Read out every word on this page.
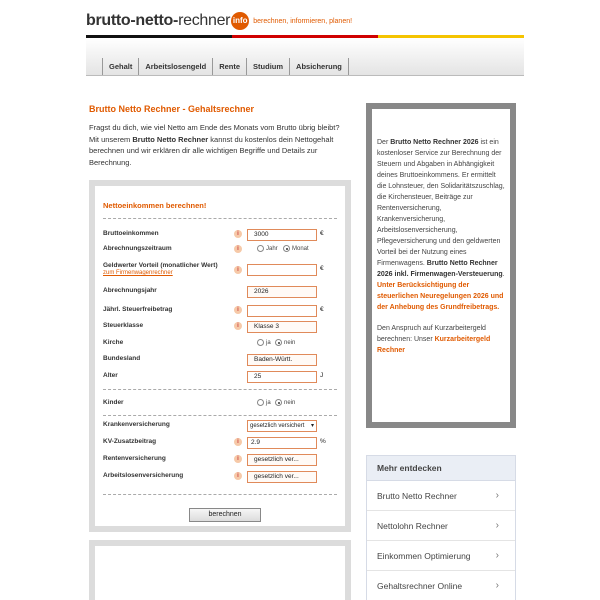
brutto-netto-rechner info berechnen, informieren, planen!
Gehalt	Arbeitslosengeld	Rente	Studium	Absicherung
Brutto Netto Rechner - Gehaltsrechner

Fragst du dich, wie viel Netto am Ende des Monats vom Brutto übrig bleibt? Mit unserem Brutto Netto Rechner kannst du kostenlos dein Nettogehalt berechnen und wir erklären dir alle wichtigen Begriffe und Details zur Berechnung.

Nettoeinkommen berechnen!
Bruttoeinkommen	i	3000	€
Abrechnungszeitraum	i	Jahr Monat
Geldwerter Vorteil (monatlicher Wert)
zum Firmenwagenrechner	i	€
Abrechnungsjahr	2026
Jährl. Steuerfreibetrag	i	€
Steuerklasse	i	Klasse 3
Kirche	ja nein
Bundesland	Baden-Württ.
Alter	25	J
Kinder	ja nein
Krankenversicherung	gesetzlich versichert ▾
KV-Zusatzbeitrag	i	2.9	%
Rentenversicherung	i	gesetzlich ver...
Arbeitslosenversicherung	i	gesetzlich ver...
berechnen

Der Brutto Netto Rechner 2026 ist ein kostenloser Service zur Berechnung der Steuern und Abgaben in Abhängigkeit deines Bruttoeinkommens. Er ermittelt die Lohnsteuer, den Solidaritätszuschlag, die Kirchensteuer, Beiträge zur Rentenversicherung, Krankenversicherung, Arbeitslosenversicherung, Pflegeversicherung und den geldwerten Vorteil bei der Nutzung eines Firmenwagens. Brutto Netto Rechner 2026 inkl. Firmenwagen-Versteuerung. Unter Berücksichtigung der steuerlichen Neuregelungen 2026 und der Anhebung des Grundfreibetrags.

Den Anspruch auf Kurzarbeitergeld berechnen: Unser Kurzarbeitergeld Rechner

Mehr entdecken
Brutto Netto Rechner	›
Nettolohn Rechner	›
Einkommen Optimierung	›
Gehaltsrechner Online	›
